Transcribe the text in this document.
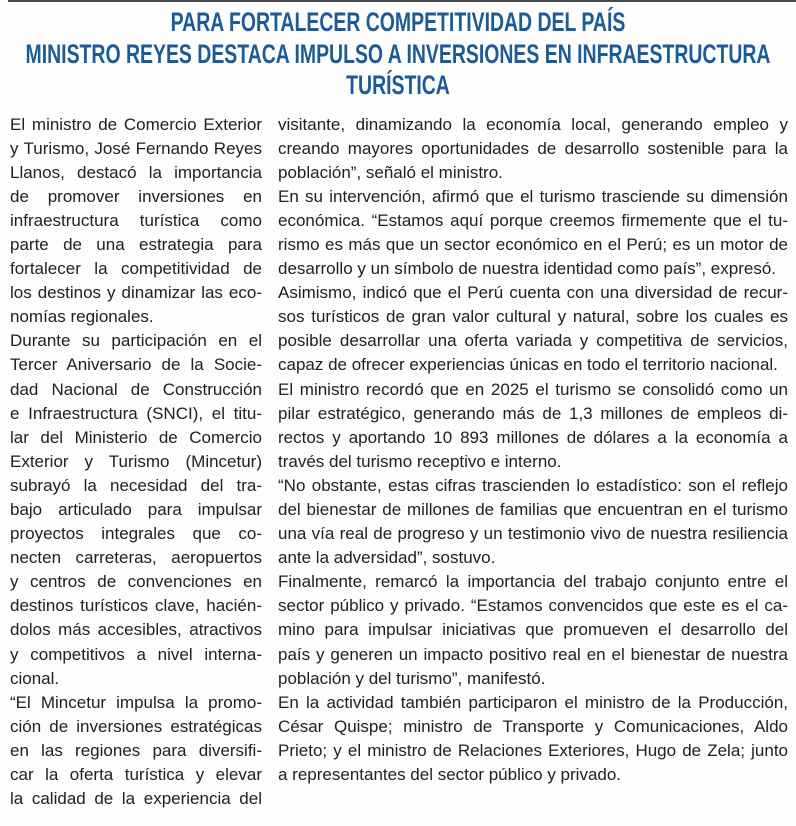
PARA FORTALECER COMPETITIVIDAD DEL PAÍS
MINISTRO REYES DESTACA IMPULSO A INVERSIONES EN INFRAESTRUCTURA
TURÍSTICA
El ministro de Comercio Exterior
y Turismo, José Fernando Reyes
Llanos, destacó la importancia
de promover inversiones en
infraestructura turística como
parte de una estrategia para
fortalecer la competitividad de
los destinos y dinamizar las eco-
nomías regionales.
Durante su participación en el
Tercer Aniversario de la Socie-
dad Nacional de Construcción
e Infraestructura (SNCI), el titu-
lar del Ministerio de Comercio
Exterior y Turismo (Mincetur)
subrayó la necesidad del tra-
bajo articulado para impulsar
proyectos integrales que co-
necten carreteras, aeropuertos
y centros de convenciones en
destinos turísticos clave, hacién-
dolos más accesibles, atractivos
y competitivos a nivel interna-
cional.
“El Mincetur impulsa la promo-
ción de inversiones estratégicas
en las regiones para diversifi-
car la oferta turística y elevar
la calidad de la experiencia del
visitante, dinamizando la economía local, generando empleo y
creando mayores oportunidades de desarrollo sostenible para la
población”, señaló el ministro.
En su intervención, afirmó que el turismo trasciende su dimensión
económica. “Estamos aquí porque creemos firmemente que el tu-
rismo es más que un sector económico en el Perú; es un motor de
desarrollo y un símbolo de nuestra identidad como país”, expresó.
Asimismo, indicó que el Perú cuenta con una diversidad de recur-
sos turísticos de gran valor cultural y natural, sobre los cuales es
posible desarrollar una oferta variada y competitiva de servicios,
capaz de ofrecer experiencias únicas en todo el territorio nacional.
El ministro recordó que en 2025 el turismo se consolidó como un
pilar estratégico, generando más de 1,3 millones de empleos di-
rectos y aportando 10 893 millones de dólares a la economía a
través del turismo receptivo e interno.
“No obstante, estas cifras trascienden lo estadístico: son el reflejo
del bienestar de millones de familias que encuentran en el turismo
una vía real de progreso y un testimonio vivo de nuestra resiliencia
ante la adversidad”, sostuvo.
Finalmente, remarcó la importancia del trabajo conjunto entre el
sector público y privado. “Estamos convencidos que este es el ca-
mino para impulsar iniciativas que promueven el desarrollo del
país y generen un impacto positivo real en el bienestar de nuestra
población y del turismo”, manifestó.
En la actividad también participaron el ministro de la Producción,
César Quispe; ministro de Transporte y Comunicaciones, Aldo
Prieto; y el ministro de Relaciones Exteriores, Hugo de Zela; junto
a representantes del sector público y privado.
